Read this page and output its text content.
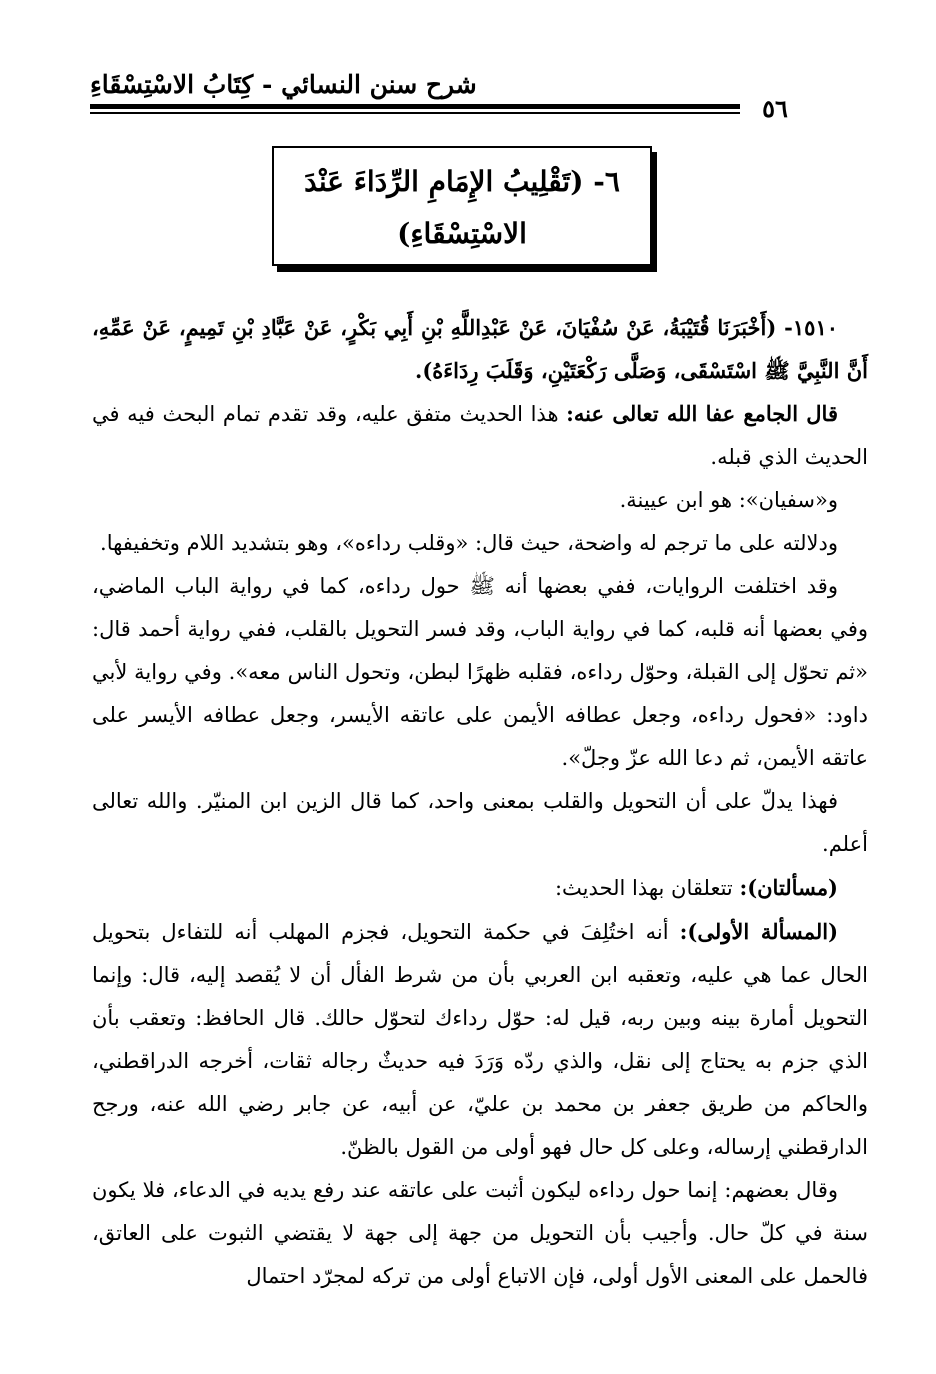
شرح سنن النسائي - كِتَابُ الاسْتِسْقَاءِ
٥٦
٦- (تَقْلِيبُ الإِمَامِ الرِّدَاءَ عَنْدَ
الاسْتِسْقَاءِ)

١٥١٠- (أَخْبَرَنَا قُتَيْبَةُ، عَنْ سُفْيَانَ، عَنْ عَبْدِاللَّهِ بْنِ أَبِي بَكْرٍ، عَنْ عَبَّادِ بْنِ تَمِيمٍ، عَنْ عَمِّهِ، أَنَّ النَّبِيَّ ﷺ اسْتَسْقَى، وَصَلَّى رَكْعَتَيْنِ، وَقَلَبَ رِدَاءَهُ).

قال الجامع عفا الله تعالى عنه: هذا الحديث متفق عليه، وقد تقدم تمام البحث فيه في الحديث الذي قبله.

و«سفيان»: هو ابن عيينة.

ودلالته على ما ترجم له واضحة، حيث قال: «وقلب رداءه»، وهو بتشديد اللام وتخفيفها.

وقد اختلفت الروايات، ففي بعضها أنه ﷺ حول رداءه، كما في رواية الباب الماضي، وفي بعضها أنه قلبه، كما في رواية الباب، وقد فسر التحويل بالقلب، ففي رواية أحمد قال: «ثم تحوّل إلى القبلة، وحوّل رداءه، فقلبه ظهرًا لبطن، وتحول الناس معه». وفي رواية لأبي داود: «فحول رداءه، وجعل عطافه الأيمن على عاتقه الأيسر، وجعل عطافه الأيسر على عاتقه الأيمن، ثم دعا الله عزّ وجلّ».

فهذا يدلّ على أن التحويل والقلب بمعنى واحد، كما قال الزين ابن المنيّر. والله تعالى أعلم.

(مسألتان): تتعلقان بهذا الحديث:

(المسألة الأولى): أنه اختُلِفَ في حكمة التحويل، فجزم المهلب أنه للتفاءل بتحويل الحال عما هي عليه، وتعقبه ابن العربي بأن من شرط الفأل أن لا يُقصد إليه، قال: وإنما التحويل أمارة بينه وبين ربه، قيل له: حوّل رداءك لتحوّل حالك. قال الحافظ: وتعقب بأن الذي جزم به يحتاج إلى نقل، والذي ردّه وَرَدَ فيه حديثٌ رجاله ثقات، أخرجه الدراقطني، والحاكم من طريق جعفر بن محمد بن عليّ، عن أبيه، عن جابر رضي الله عنه، ورجح الدارقطني إرساله، وعلى كل حال فهو أولى من القول بالظنّ.

وقال بعضهم: إنما حول رداءه ليكون أثبت على عاتقه عند رفع يديه في الدعاء، فلا يكون سنة في كلّ حال. وأجيب بأن التحويل من جهة إلى جهة لا يقتضي الثبوت على العاتق، فالحمل على المعنى الأول أولى، فإن الاتباع أولى من تركه لمجرّد احتمال
